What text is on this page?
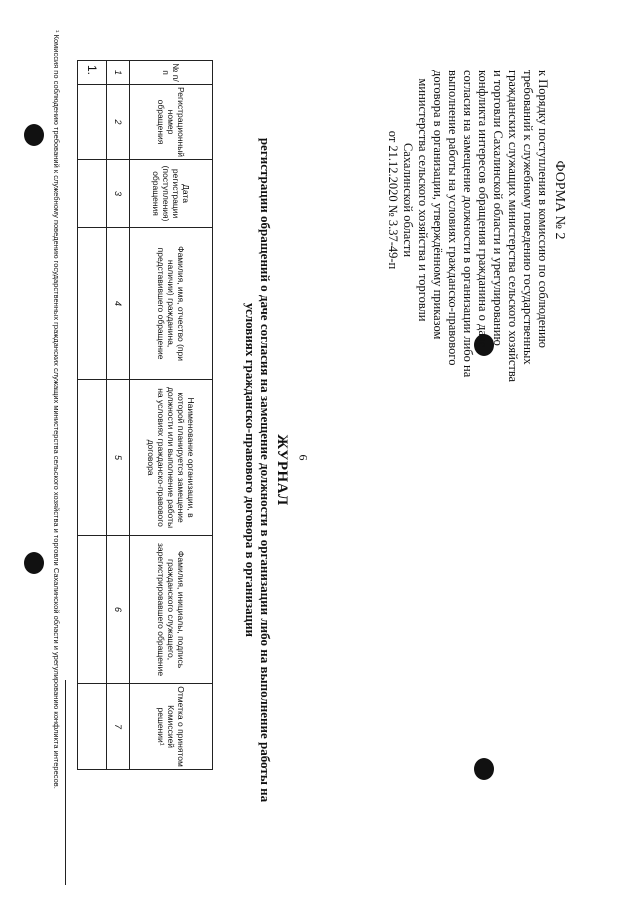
6
ФОРМА № 2
к Порядку поступления в комиссию по соблюдению
требований к служебному поведению государственных
гражданских служащих министерства сельского хозяйства
и торговли Сахалинской области и урегулированию
конфликта интересов обращения гражданина о даче
согласия на замещение должности в организации либо на
выполнение работы на условиях гражданско-правового
договора в организации, утверждённому приказом
министерства сельского хозяйства и торговли
Сахалинской области
от 21.12.2020 № 3.37-49-п
ЖУРНАЛ
регистрации обращений о даче согласия на замещение должности в организации либо на выполнение работы на
условиях гражданско-правового договора в организации
№ п/п	Регистрационный номер обращения	Дата регистрации (поступления) обращения	Фамилия, имя, отчество (при наличии) гражданина, представившего обращение	Наименование организации, в которой планируется замещение должности или выполнение работы на условиях гражданско-правового договора	Фамилия, инициалы, подпись гражданского служащего, зарегистрировавшего обращение	Отметка о принятом Комиссией решении¹
1	2	3	4	5	6	7
1.						
¹ Комиссия по соблюдению требований к служебному поведению государственных гражданских служащих министерства сельского хозяйства и торговли Сахалинской области и урегулированию конфликта интересов.
